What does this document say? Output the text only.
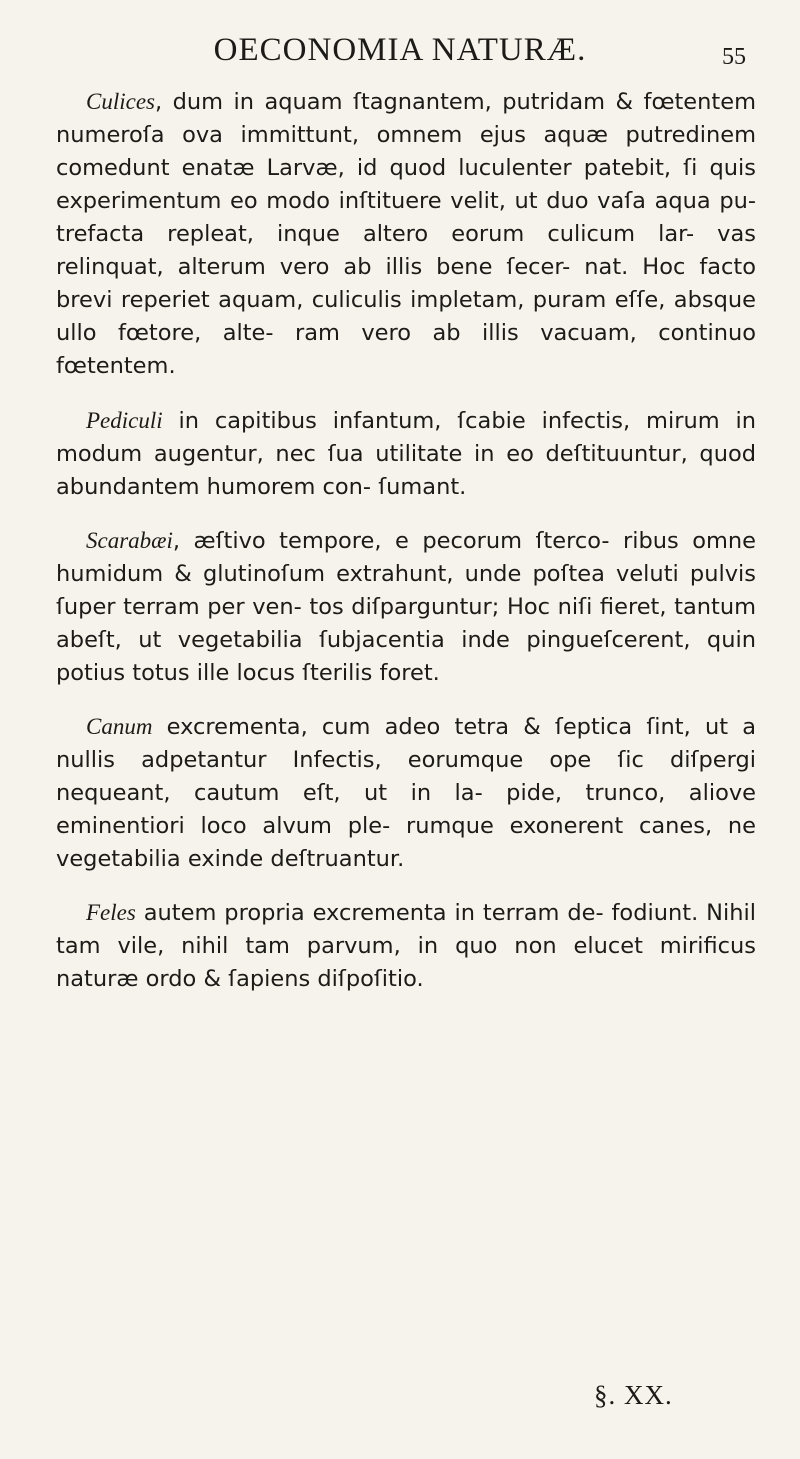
OECONOMIA NATURÆ.	55

Culices, dum in aquam ſtagnantem, putridam & fœtentem numeroſa ova immittunt, omnem ejus aquæ putredinem comedunt enatæ Larvæ, id quod luculenter patebit, ſi quis experimentum eo modo inſtituere velit, ut duo vaſa aqua pu- trefacta repleat, inque altero eorum culicum lar- vas relinquat, alterum vero ab illis bene ſecer- nat. Hoc facto brevi reperiet aquam, culiculis impletam, puram eſſe, absque ullo fœtore, alte- ram vero ab illis vacuam, continuo fœtentem.

Pediculi in capitibus infantum, ſcabie infectis, mirum in modum augentur, nec ſua utilitate in eo deſtituuntur, quod abundantem humorem con- ſumant.

Scarabæi, æſtivo tempore, e pecorum ſterco- ribus omne humidum & glutinoſum extrahunt, unde poſtea veluti pulvis ſuper terram per ven- tos diſparguntur; Hoc niſi fieret, tantum abeſt, ut vegetabilia ſubjacentia inde pingueſcerent, quin potius totus ille locus ſterilis foret.

Canum excrementa, cum adeo tetra & ſeptica ſint, ut a nullis adpetantur Infectis, eorumque ope ſic diſpergi nequeant, cautum eſt, ut in la- pide, trunco, aliove eminentiori loco alvum ple- rumque exonerent canes, ne vegetabilia exinde deſtruantur.

Feles autem propria excrementa in terram de- fodiunt. Nihil tam vile, nihil tam parvum, in quo non elucet mirificus naturæ ordo & ſapiens diſpoſitio.

§. XX.
